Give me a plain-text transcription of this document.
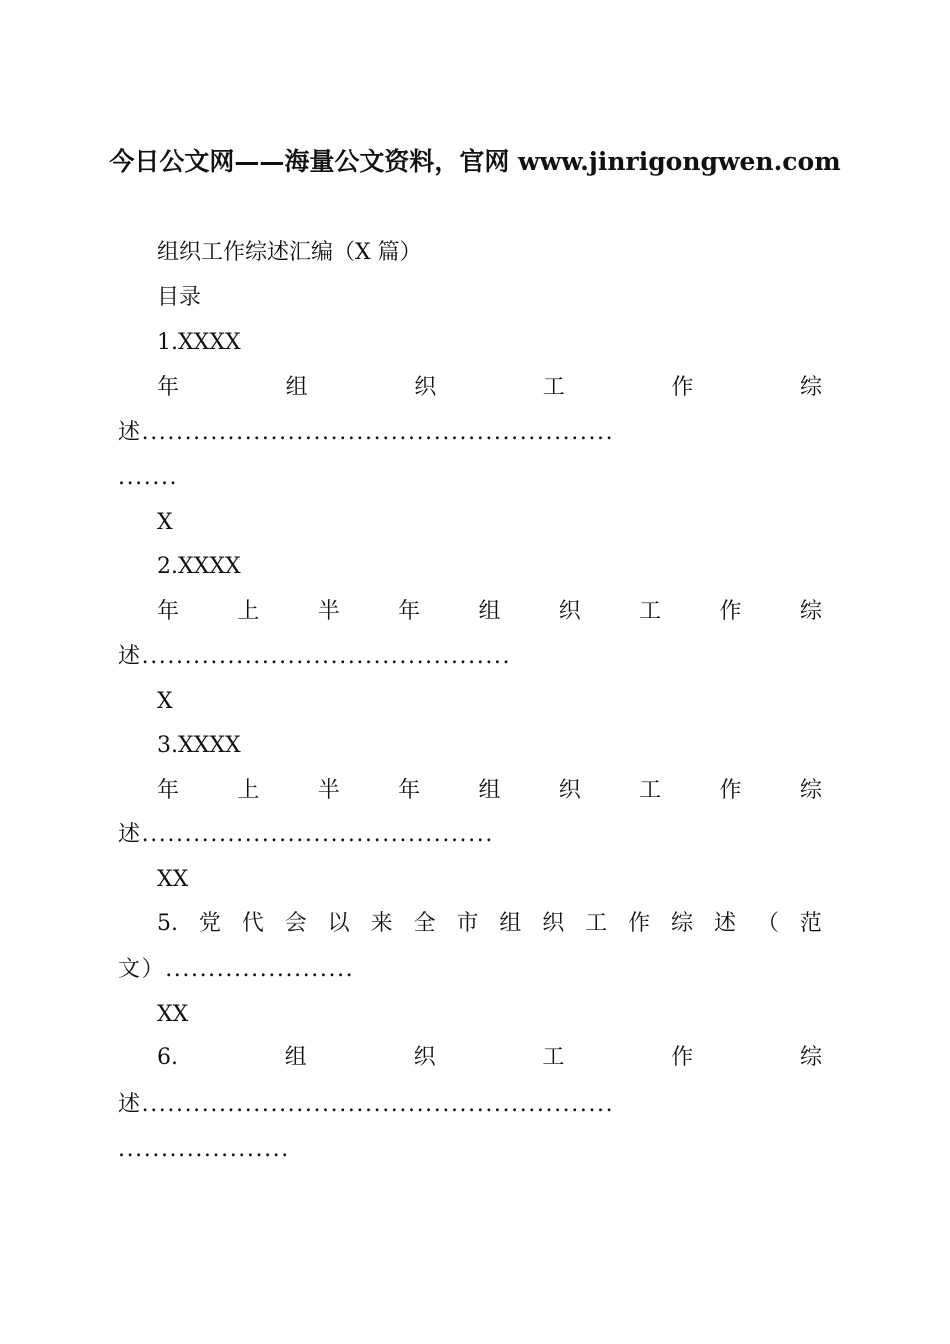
今日公文网——海量公文资料，官网 www.jinrigongwen.com
组织工作综述汇编（X 篇）
目录
1.XXXX
年	组	织	工	作	综
述.......................................................
.......
X
2.XXXX
年	上	半	年	组	织	工	作	综
述...........................................
X
3.XXXX
年	上	半	年	组	织	工	作	综
述.........................................
XX
5. 党 代 会 以 来 全 市 组 织 工 作 综 述 （ 范
文）......................
XX
6.	组	织	工	作	综
述.......................................................
....................
